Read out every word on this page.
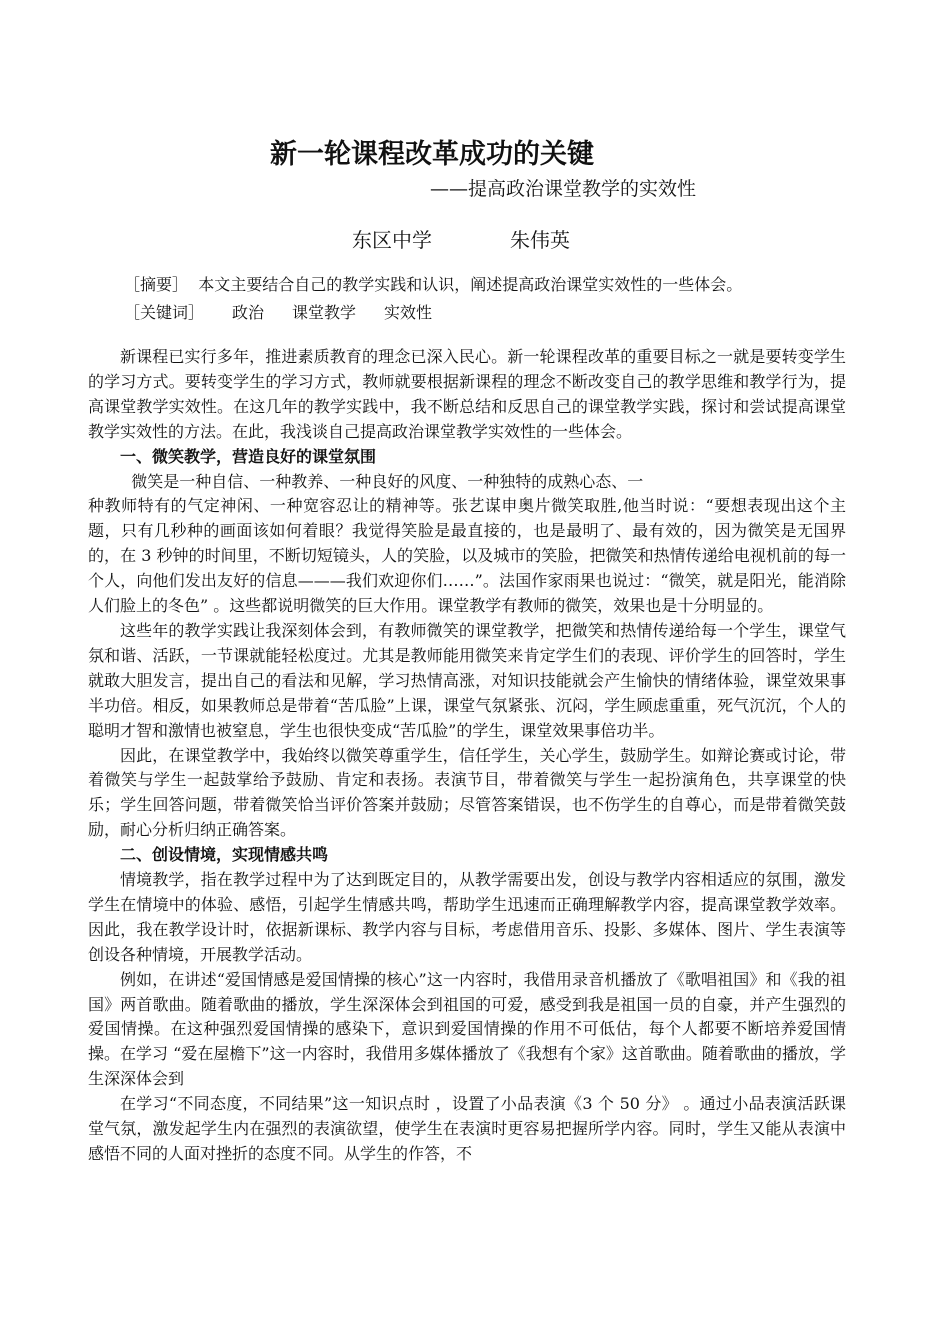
新一轮课程改革成功的关键
——提高政治课堂教学的实效性
东区中学	朱伟英
［摘要］ 本文主要结合自己的教学实践和认识，阐述提高政治课堂实效性的一些体会。
［关键词］ 政治 课堂教学 实效性

新课程已实行多年，推进素质教育的理念已深入民心。新一轮课程改革的重要目标之一就是要转变学生的学习方式。要转变学生的学习方式，教师就要根据新课程的理念不断改变自己的教学思维和教学行为，提高课堂教学实效性。在这几年的教学实践中，我不断总结和反思自己的课堂教学实践，探讨和尝试提高课堂教学实效性的方法。在此，我浅谈自己提高政治课堂教学实效性的一些体会。

一、微笑教学，营造良好的课堂氛围

微笑是一种自信、一种教养、一种良好的风度、一种独特的成熟心态、一

种教师特有的气定神闲、一种宽容忍让的精神等。张艺谋申奥片微笑取胜,他当时说：“要想表现出这个主题，只有几秒种的画面该如何着眼？我觉得笑脸是最直接的，也是最明了、最有效的，因为微笑是无国界的，在 3 秒钟的时间里，不断切短镜头，人的笑脸，以及城市的笑脸，把微笑和热情传递给电视机前的每一个人，向他们发出友好的信息———我们欢迎你们……”。法国作家雨果也说过：“微笑，就是阳光，能消除人们脸上的冬色” 。这些都说明微笑的巨大作用。课堂教学有教师的微笑，效果也是十分明显的。

这些年的教学实践让我深刻体会到，有教师微笑的课堂教学，把微笑和热情传递给每一个学生，课堂气氛和谐、活跃，一节课就能轻松度过。尤其是教师能用微笑来肯定学生们的表现、评价学生的回答时，学生就敢大胆发言，提出自己的看法和见解，学习热情高涨，对知识技能就会产生愉快的情绪体验，课堂效果事半功倍。相反，如果教师总是带着“苦瓜脸”上课，课堂气氛紧张、沉闷，学生顾虑重重，死气沉沉，个人的聪明才智和激情也被窒息，学生也很快变成“苦瓜脸”的学生，课堂效果事倍功半。

因此，在课堂教学中，我始终以微笑尊重学生，信任学生，关心学生，鼓励学生。如辩论赛或讨论，带着微笑与学生一起鼓掌给予鼓励、肯定和表扬。表演节目，带着微笑与学生一起扮演角色，共享课堂的快乐；学生回答问题，带着微笑恰当评价答案并鼓励；尽管答案错误，也不伤学生的自尊心，而是带着微笑鼓励，耐心分析归纳正确答案。

二、创设情境，实现情感共鸣

情境教学，指在教学过程中为了达到既定目的，从教学需要出发，创设与教学内容相适应的氛围，激发学生在情境中的体验、感悟，引起学生情感共鸣，帮助学生迅速而正确理解教学内容，提高课堂教学效率。因此，我在教学设计时，依据新课标、教学内容与目标，考虑借用音乐、投影、多媒体、图片、学生表演等创设各种情境，开展教学活动。

例如，在讲述“爱国情感是爱国情操的核心”这一内容时，我借用录音机播放了《歌唱祖国》和《我的祖国》两首歌曲。随着歌曲的播放，学生深深体会到祖国的可爱，感受到我是祖国一员的自豪，并产生强烈的爱国情操。在这种强烈爱国情操的感染下，意识到爱国情操的作用不可低估，每个人都要不断培养爱国情操。在学习 “爱在屋檐下”这一内容时，我借用多媒体播放了《我想有个家》这首歌曲。随着歌曲的播放，学生深深体会到

在学习“不同态度，不同结果”这一知识点时 ，设置了小品表演《3 个 50 分》 。通过小品表演活跃课堂气氛，激发起学生内在强烈的表演欲望，使学生在表演时更容易把握所学内容。同时，学生又能从表演中感悟不同的人面对挫折的态度不同。从学生的作答，不
